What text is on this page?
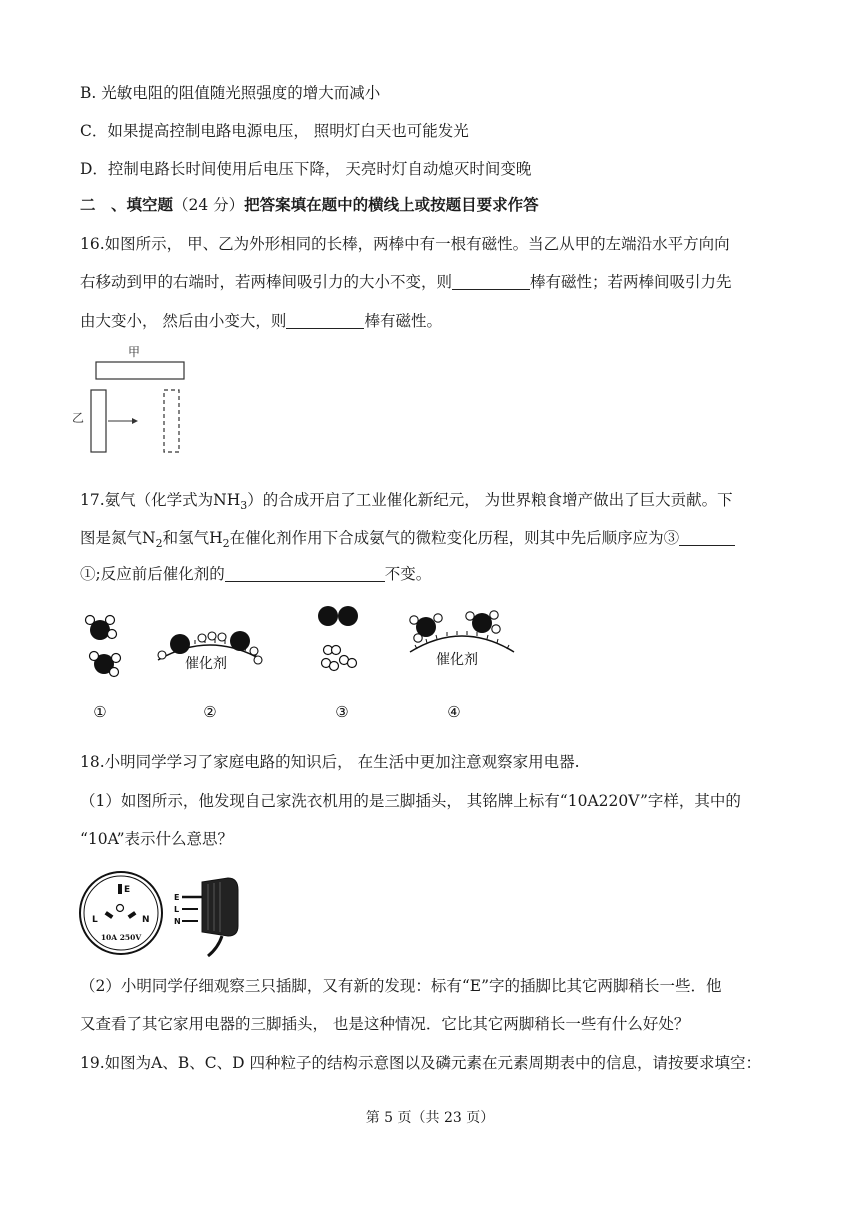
B. 光敏电阻的阻值随光照强度的增大而减小
C．如果提高控制电路电源电压， 照明灯白天也可能发光
D．控制电路长时间使用后电压下降， 天亮时灯自动熄灭时间变晚
二　、填空题（24 分）把答案填在题中的横线上或按题目要求作答
16.如图所示， 甲、乙为外形相同的长棒，两棒中有一根有磁性。当乙从甲的左端沿水平方向向
右移动到甲的右端时，若两棒间吸引力的大小不变，则	棒有磁性；若两棒间吸引力先
由大变小， 然后由小变大，则	棒有磁性。
甲
乙
17.氨气（化学式为$NH_3$）的合成开启了工业催化新纪元， 为世界粮食增产做出了巨大贡献。下
图是氮气$N_2$和氢气$H_2$在催化剂作用下合成氨气的微粒变化历程，则其中先后顺序应为③
①;反应前后催化剂的	不变。
催化剂	催化剂
①	②	③	④
18.小明同学学习了家庭电路的知识后， 在生活中更加注意观察家用电器.
（1）如图所示，他发现自己家洗衣机用的是三脚插头， 其铭牌上标有“10A220V”字样，其中的
“10A”表示什么意思？
E
L	N
10A 250V
E
L
N
（2）小明同学仔细观察三只插脚，又有新的发现：标有“E”字的插脚比其它两脚稍长一些．他
又查看了其它家用电器的三脚插头， 也是这种情况．它比其它两脚稍长一些有什么好处？
19.如图为A、B、C、D 四种粒子的结构示意图以及磷元素在元素周期表中的信息，请按要求填空：
第 5 页（共 23 页）
